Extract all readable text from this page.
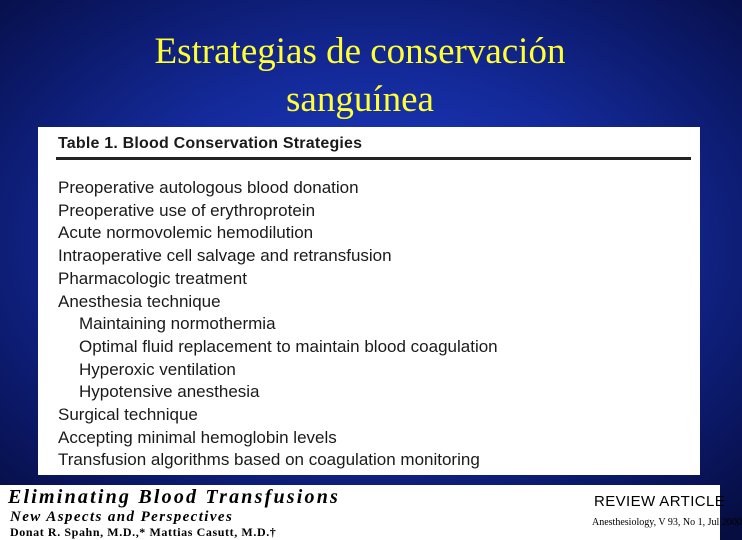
Estrategias de conservación
sanguínea
Table 1. Blood Conservation Strategies
Preoperative autologous blood donation
Preoperative use of erythroprotein
Acute normovolemic hemodilution
Intraoperative cell salvage and retransfusion
Pharmacologic treatment
Anesthesia technique
Maintaining normothermia
Optimal fluid replacement to maintain blood coagulation
Hyperoxic ventilation
Hypotensive anesthesia
Surgical technique
Accepting minimal hemoglobin levels
Transfusion algorithms based on coagulation monitoring
Eliminating Blood Transfusions
New Aspects and Perspectives
Donat R. Spahn, M.D.,* Mattias Casutt, M.D.†
REVIEW ARTICLE
Anesthesiology, V 93, No 1, Jul 2000
